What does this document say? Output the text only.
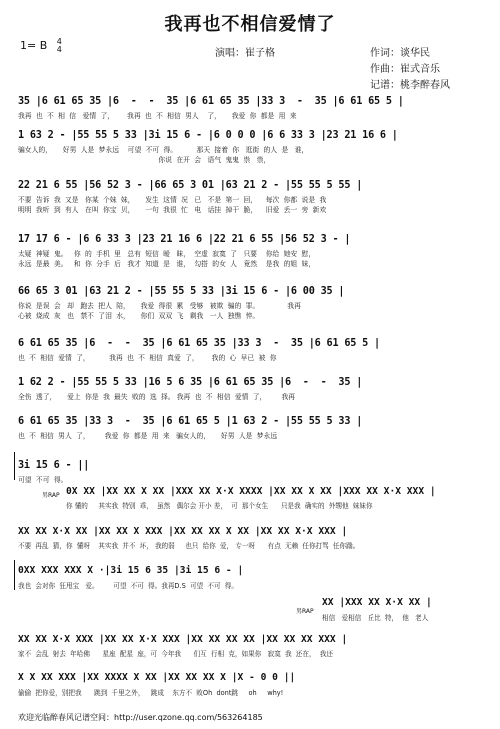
我再也不相信爱情了
1= B 4
4	演唱：崔子格	作词：谈华民
作曲：崔式音乐
记谱：桃李醉春风
35 |6 61 65 35 |6  -  -  35 |6 61 65 35 |33 3  -  35 |6 61 65 5 |
我再  也  不  相  信   爱情  了，      我再  也  不  相信  男人    了，     我爱  你  都是  用  来
1 63 2 - |55 55 5 33 |3i 15 6 - |6 0 0 0 |6 6 33 3 |23 21 16 6 |
骗女人的，     好男  人是  梦永远    可望  不可  得。         那天  接着  你   逛街  的人  是   谁，
你说  在开  会   语气  鬼鬼  祟   祟，
22 21 6 55 |56 52 3 - |66 65 3 01 |63 21 2 - |55 55 5 55 |
不要  告诉  我  又是   你某  个妹  妹，     发生  这情  况   已   不是  第一  回，    每次  你都  说是  我
明明  我听  到  有人   在叫  你宝  贝，     一句  我很  忙   电   话挂  掉干  脆，    旧爱  丢一  旁  新欢
17 17 6 - |6 6 33 3 |23 21 16 6 |22 21 6 55 |56 52 3 - |
太疑  神疑  鬼。   你  的  手机  里   总有  短信  暧   昧，  空虚  寂寞  了   只要    你给  她安  慰，
永远  是最  美。   和  你  分手  后   我才  知道  是   谁，  勾搭  的女  人   竟然    是我  的姐  妹，
66 65 3 01 |63 21 2 - |55 55 5 33 |3i 15 6 - |6 00 35 |
你说  是误  会   却   跑去  把人  陪，     我爱  得很  累   受够   被欺  骗的  罪。             我再
心被  烧成  灰   也   禁不  了泪  水，     你们  双双  飞   剩我   一人  独憔  悴。
6 61 65 35 |6  -  -  35 |6 61 65 35 |33 3  -  35 |6 61 65 5 |
也  不  相信  爱情  了，         我再  也  不  相信  真爱  了，      我的  心  早已  被  你
1 62 2 - |55 55 5 33 |16 5 6 35 |6 61 65 35 |6  -  -  35 |
全伤  透了，     爱上  你是  我  最失  败的  选  择。 我再  也  不  相信  爱情  了，       我再
6 61 65 35 |33 3  -  35 |6 61 65 5 |1 63 2 - |55 55 5 33 |
也  不  相信  男人  了，       我爱  你  都是  用  来   骗女人的，     好男  人是  梦永远
3i 15 6 - ||
可望  不可  得。
男RAP 0X XX |XX XX X XX |XXX XX X·X XXXX |XX XX X XX |XXX XX X·X XXX |
你 懂的     其实我  特别  乖，  虽然   偶尔会 开小 差，  可  那个女生      只是我  确实的  外甥他  妹妹你
XX XX X·X XX |XX XX X XXX |XX XX XX X XX |XX XX X·X XXX |
不要  再乱  猜，你  懂呀    其实我  并不  坏， 我的弱     也只  给你  爱， 专一呀      有点  无赖  任你打骂  任你踹。
0XX XXX XXX X ·|3i 15 6 35 |3i 15 6 - |
我也  会对你  狂甩宝   爱。       可望  不可  得。我再D.S  可望  不可  得。
男RAP
XX |XXX XX X·X XX |
相信   爱相信   丘比  特，  他   老人
XX XX X·X XXX |XX XX X·X XXX |XX XX XX XX |XX XX XX XXX |
家不  会乱  射去  年哈佛      星座  配星  座，可  今年我      们互  行相  克，如果你   寂寞  我  还在，  我还
X X XX XXX |XX XXXX X XX |XX XX XX X |X - 0 0 ||
偷偷  把你爱，别把我      跳到  千里之外，   跳成    东方不  败Oh  dont跳     oh     why!
欢迎光临醉春风记谱空间：http://user.qzone.qq.com/563264185
